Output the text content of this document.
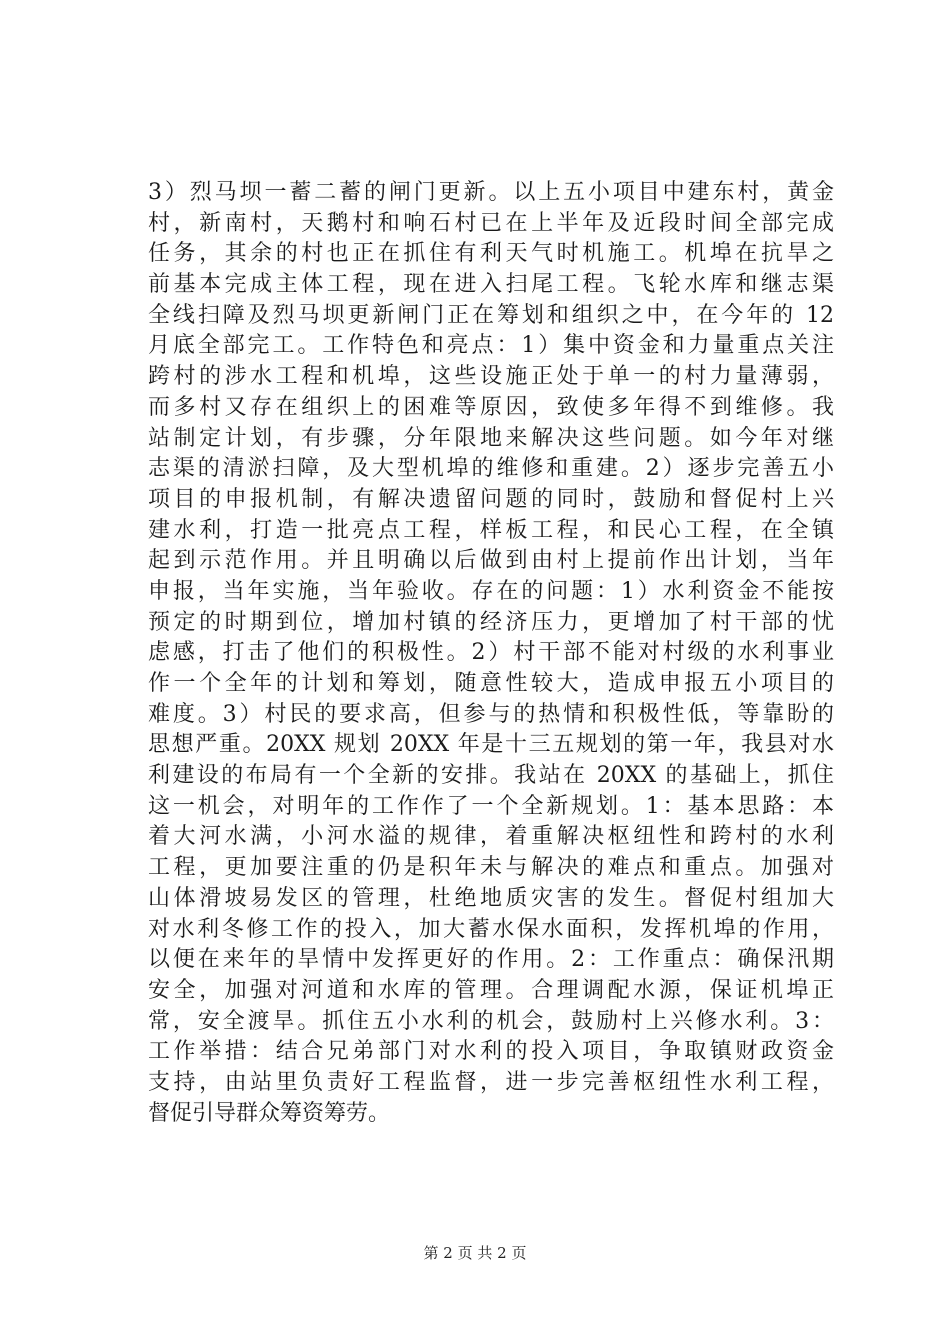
3）烈马坝一蓄二蓄的闸门更新。以上五小项目中建东村，黄金
村，新南村，天鹅村和响石村已在上半年及近段时间全部完成
任务，其余的村也正在抓住有利天气时机施工。机埠在抗旱之
前基本完成主体工程，现在进入扫尾工程。飞轮水库和继志渠
全线扫障及烈马坝更新闸门正在筹划和组织之中，在今年的 12
月底全部完工。工作特色和亮点：1）集中资金和力量重点关注
跨村的涉水工程和机埠，这些设施正处于单一的村力量薄弱，
而多村又存在组织上的困难等原因，致使多年得不到维修。我
站制定计划，有步骤，分年限地来解决这些问题。如今年对继
志渠的清淤扫障，及大型机埠的维修和重建。2）逐步完善五小
项目的申报机制，有解决遗留问题的同时，鼓励和督促村上兴
建水利，打造一批亮点工程，样板工程，和民心工程，在全镇
起到示范作用。并且明确以后做到由村上提前作出计划，当年
申报，当年实施，当年验收。存在的问题：1）水利资金不能按
预定的时期到位，增加村镇的经济压力，更增加了村干部的忧
虑感，打击了他们的积极性。2）村干部不能对村级的水利事业
作一个全年的计划和筹划，随意性较大，造成申报五小项目的
难度。3）村民的要求高，但参与的热情和积极性低，等靠盼的
思想严重。20XX 规划 20XX 年是十三五规划的第一年，我县对水
利建设的布局有一个全新的安排。我站在 20XX 的基础上，抓住
这一机会，对明年的工作作了一个全新规划。1：基本思路：本
着大河水满，小河水溢的规律，着重解决枢纽性和跨村的水利
工程，更加要注重的仍是积年未与解决的难点和重点。加强对
山体滑坡易发区的管理，杜绝地质灾害的发生。督促村组加大
对水利冬修工作的投入，加大蓄水保水面积，发挥机埠的作用，
以便在来年的旱情中发挥更好的作用。2：工作重点：确保汛期
安全，加强对河道和水库的管理。合理调配水源，保证机埠正
常，安全渡旱。抓住五小水利的机会，鼓励村上兴修水利。3：
工作举措：结合兄弟部门对水利的投入项目，争取镇财政资金
支持，由站里负责好工程监督，进一步完善枢纽性水利工程，
督促引导群众筹资筹劳。
第 2 页 共 2 页
